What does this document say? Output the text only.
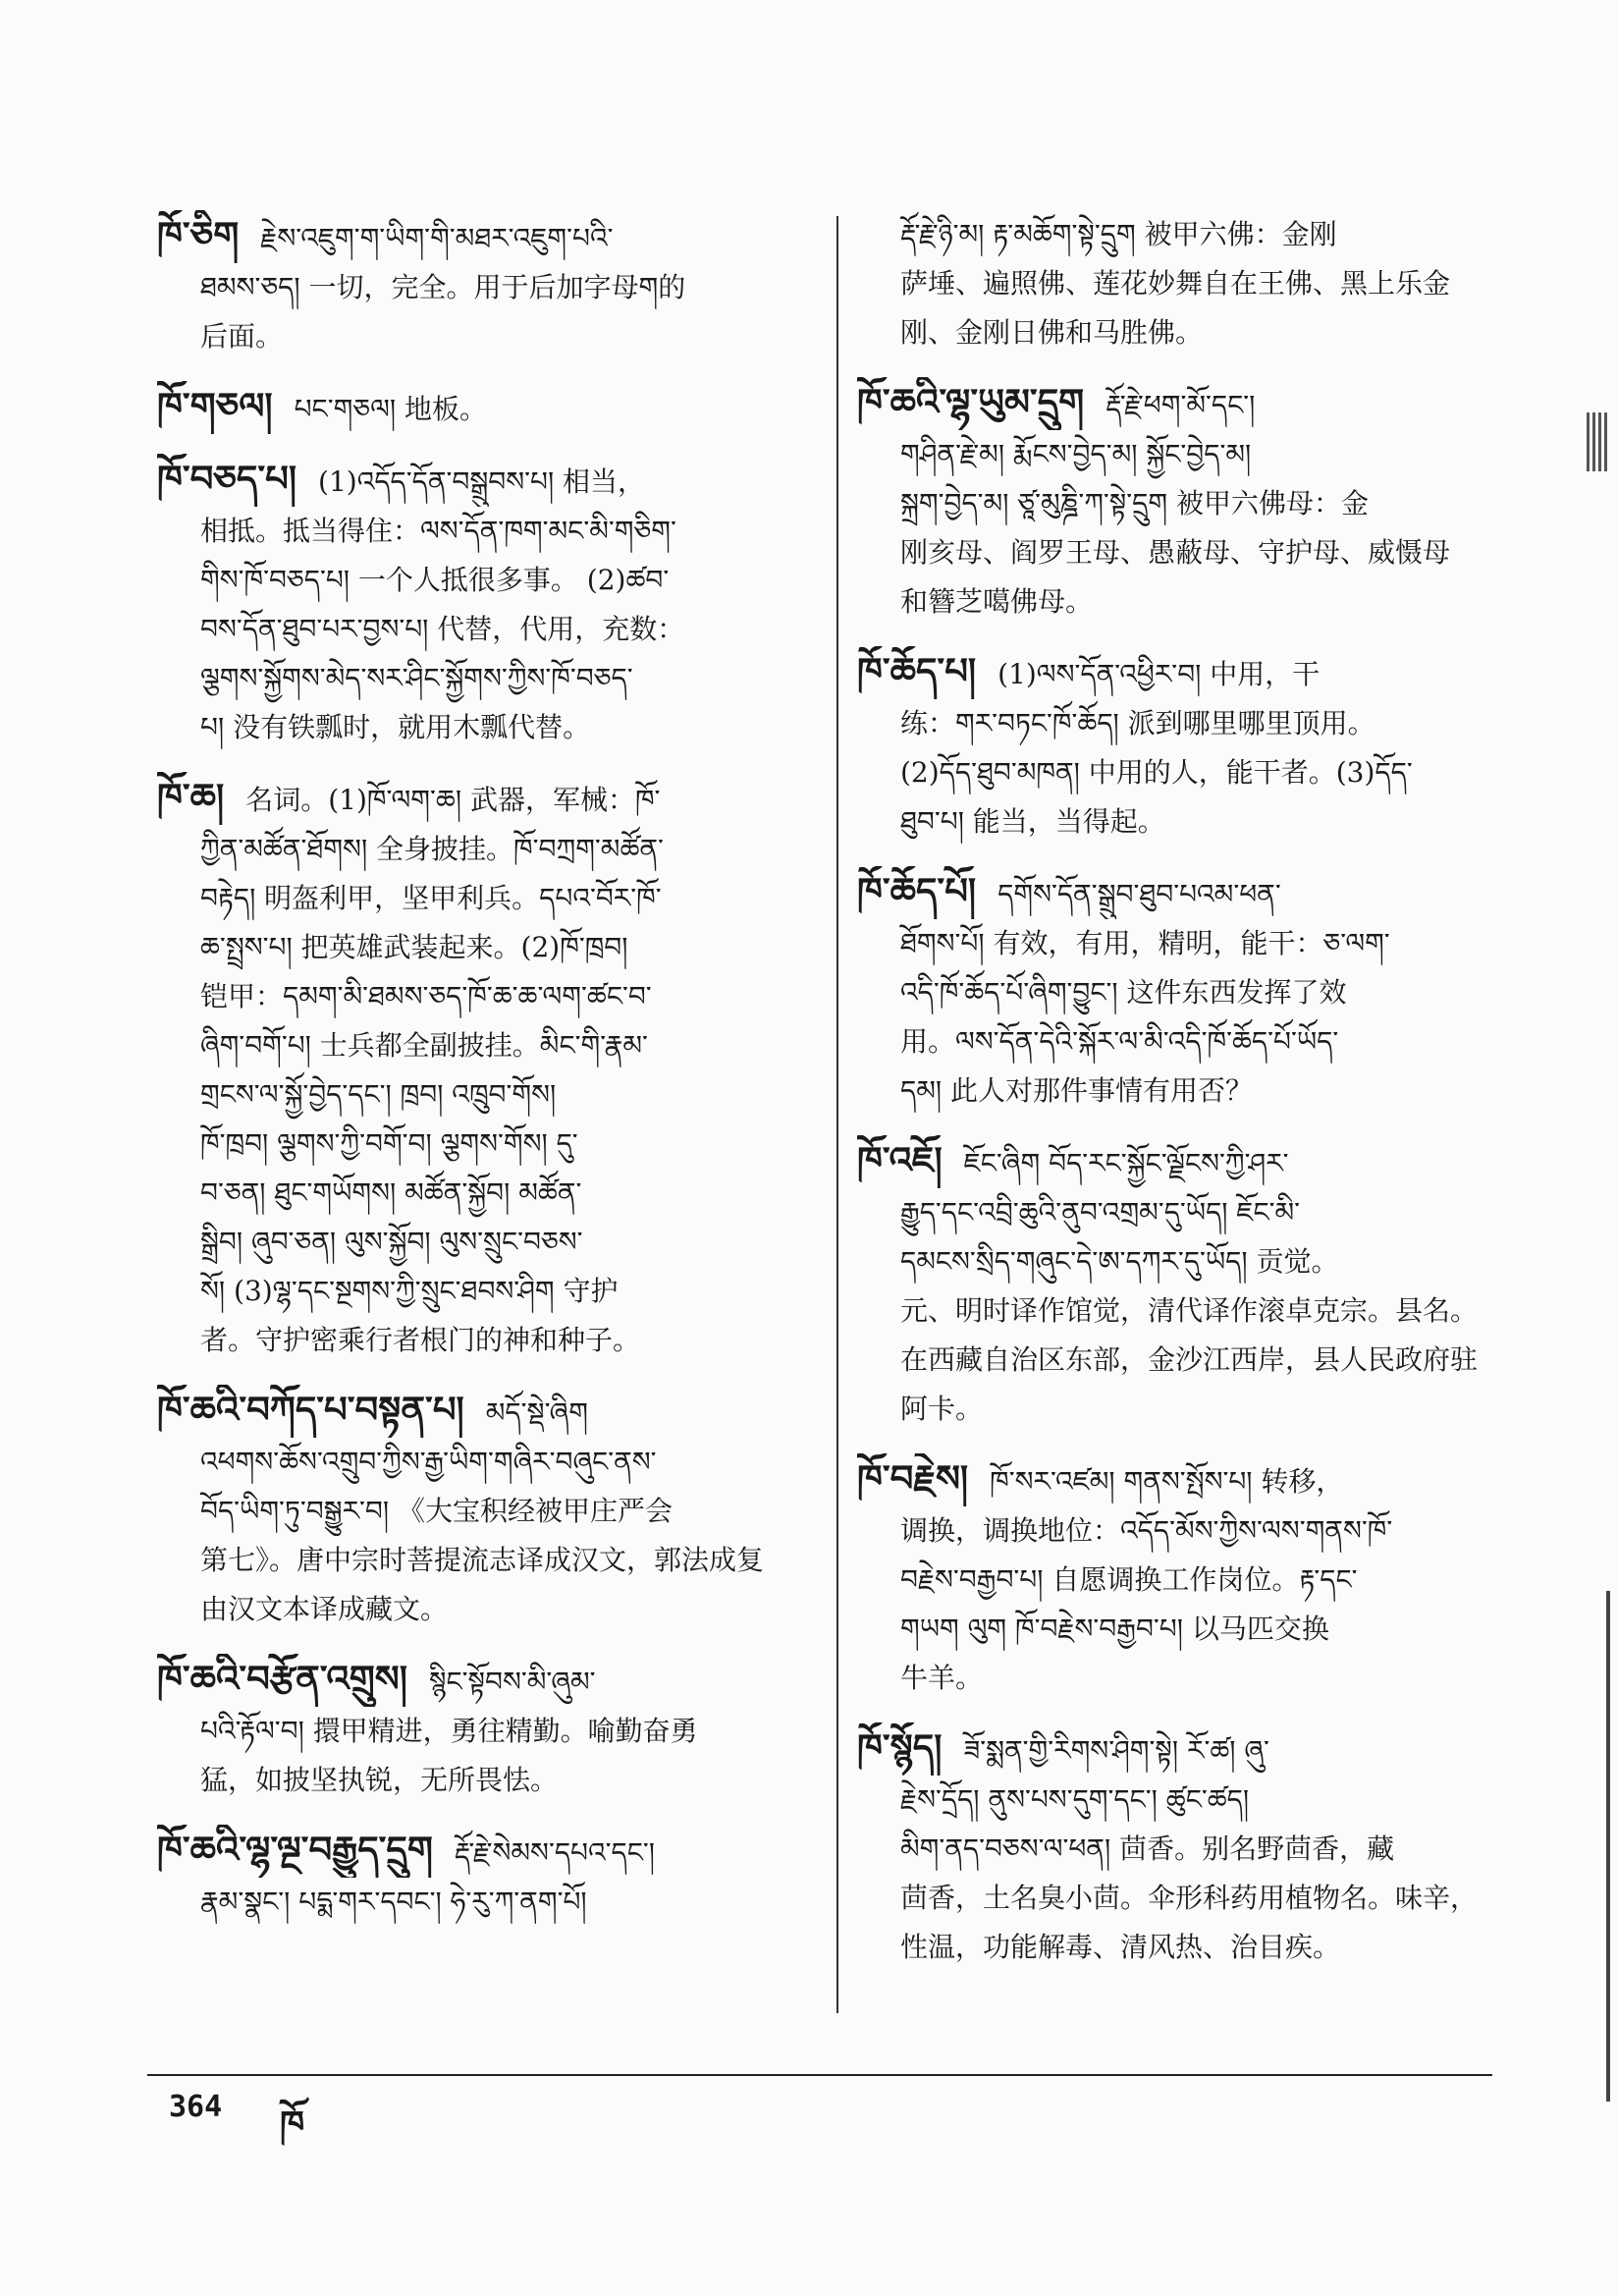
ཁོ་ཅིག རྗེས་འཇུག་ག་ཡིག་གི་མཐར་འཇུག་པའི་
ཐམས་ཅད། 一切，完全。用于后加字母ག的
后面。
ཁོ་གཅལ། པང་གཅལ། 地板。
ཁོ་བཅད་པ། (1)འདོད་དོན་བསྒྲུབས་པ། 相当，
相抵。抵当得住：ལས་དོན་ཁག་མང་མི་གཅིག་
གིས་ཁོ་བཅད་པ། 一个人抵很多事。 (2)ཚབ་
བས་དོན་ཐུབ་པར་བྱས་པ། 代替，代用，充数：
ལྕགས་སྐྱོགས་མེད་སར་ཤིང་སྐྱོགས་ཀྱིས་ཁོ་བཅད་
པ། 没有铁瓢时，就用木瓢代替。
ཁོ་ཆ། 名词。(1)ཁོ་ལག་ཆ། 武器，军械：ཁོ་
ཀྱིན་མཚོན་ཐོགས། 全身披挂。ཁོ་བཀྲག་མཚོན་
བརྟེད། 明盔利甲，坚甲利兵。དཔའ་བོར་ཁོ་
ཆ་སྤྲས་པ། 把英雄武装起来。(2)ཁོ་ཁྲབ།
铠甲：དམག་མི་ཐམས་ཅད་ཁོ་ཆ་ཆ་ལག་ཚང་བ་
ཞིག་བགོ་པ། 士兵都全副披挂。མིང་གི་རྣམ་
གྲངས་ལ་སྐྱོ་བྱེད་དང་། ཁྲབ། འཁྲུབ་གོས།
ཁོ་ཁྲབ། ལྕགས་ཀྱི་བགོ་བ། ལྕགས་གོས། དུ་
བ་ཅན། ཐུང་གཡོགས། མཚོན་སྐྱོབ། མཚོན་
སྒྲིབ། ཞུབ་ཅན། ལུས་སྐྱོབ། ལུས་སྲུང་བཅས་
སོ། (3)ལྷ་དང་སྔགས་ཀྱི་སྲུང་ཐབས་ཤིག 守护
者。守护密乘行者根门的神和种子。
ཁོ་ཆའི་བཀོད་པ་བསྟན་པ། མདོ་སྡེ་ཞིག
འཕགས་ཆོས་འགྲུབ་ཀྱིས་རྒྱ་ཡིག་གཞིར་བཞུང་ནས་
བོད་ཡིག་ཏུ་བསྒྱུར་བ། 《大宝积经被甲庄严会
第七》。唐中宗时菩提流志译成汉文，郭法成复
由汉文本译成藏文。
ཁོ་ཆའི་བརྩོན་འགྲུས། སྙིང་སྟོབས་མི་ཞུམ་
པའི་རྟོལ་བ། 擐甲精进，勇往精勤。喻勤奋勇
猛，如披坚执锐，无所畏怯。
ཁོ་ཆའི་ལྷ་ལྔ་བརྒྱུད་དྲུག རྡོ་རྗེ་སེམས་དཔའ་དང་།
རྣམ་སྣང་། པདྨ་གར་དབང་། ཧེ་རུ་ཀ་ནག་པོ།
རྡོ་རྗེ་ཉི་མ། རྟ་མཆོག་སྟེ་དྲུག 被甲六佛：金刚
萨埵、遍照佛、莲花妙舞自在王佛、黑上乐金
刚、金刚日佛和马胜佛。
ཁོ་ཆའི་ལྷ་ཡུམ་དྲུག རྡོ་རྗེ་ཕག་མོ་དང་།
གཤིན་རྗེ་མ། རྨོངས་བྱེད་མ། སྐྱོང་བྱེད་མ།
སྐྲག་བྱེད་མ། ཙཱ་མུཎྜི་ཀ་སྟེ་དྲུག 被甲六佛母：金
刚亥母、阎罗王母、愚蔽母、守护母、威慑母
和簪芝噶佛母。
ཁོ་ཆོད་པ། (1)ལས་དོན་འཕྱིར་བ། 中用，干
练：གར་བཏང་ཁོ་ཆོད། 派到哪里哪里顶用。
(2)དོད་ཐུབ་མཁན། 中用的人，能干者。(3)དོད་
ཐུབ་པ། 能当，当得起。
ཁོ་ཆོད་པོ། དགོས་དོན་སྒྲུབ་ཐུབ་པའམ་ཕན་
ཐོགས་པོ། 有效，有用，精明，能干：ཅ་ལག་
འདི་ཁོ་ཆོད་པོ་ཞིག་བྱུང་། 这件东西发挥了效
用。ལས་དོན་དེའི་སྐོར་ལ་མི་འདི་ཁོ་ཆོད་པོ་ཡོད་
དམ། 此人对那件事情有用否？
ཁོ་འཇོ། ཇོང་ཞིག བོད་རང་སྐྱོང་ལྗོངས་ཀྱི་ཤར་
རྒྱུད་དང་འབྲི་ཆུའི་ནུབ་འགྲམ་དུ་ཡོད། ཇོང་མི་
དམངས་སྲིད་གཞུང་དེ་ཨ་དཀར་དུ་ཡོད། 贡觉。
元、明时译作馆觉，清代译作滚卓克宗。县名。
在西藏自治区东部，金沙江西岸，县人民政府驻
阿卡。
ཁོ་བརྗེས། ཁོ་སར་འཛམ། གནས་སྤོས་པ། 转移，
调换，调换地位：འདོད་མོས་ཀྱིས་ལས་གནས་ཁོ་
བརྗེས་བརྒྱབ་པ། 自愿调换工作岗位。རྟ་དང་
གཡག ལུག ཁོ་བརྗེས་བརྒྱབ་པ། 以马匹交换
牛羊。
ཁོ་སྙོད། ཟོ་སྨན་གྱི་རིགས་ཤིག་སྟེ། རོ་ཚ། ཞུ་
རྗེས་དྲོད། ནུས་པས་དུག་དང་། ཚུང་ཚད།
མིག་ནད་བཅས་ལ་ཕན། 茴香。别名野茴香，藏
茴香，土名臭小茴。伞形科药用植物名。味辛，
性温，功能解毒、清风热、治目疾。
364 ཁོ
